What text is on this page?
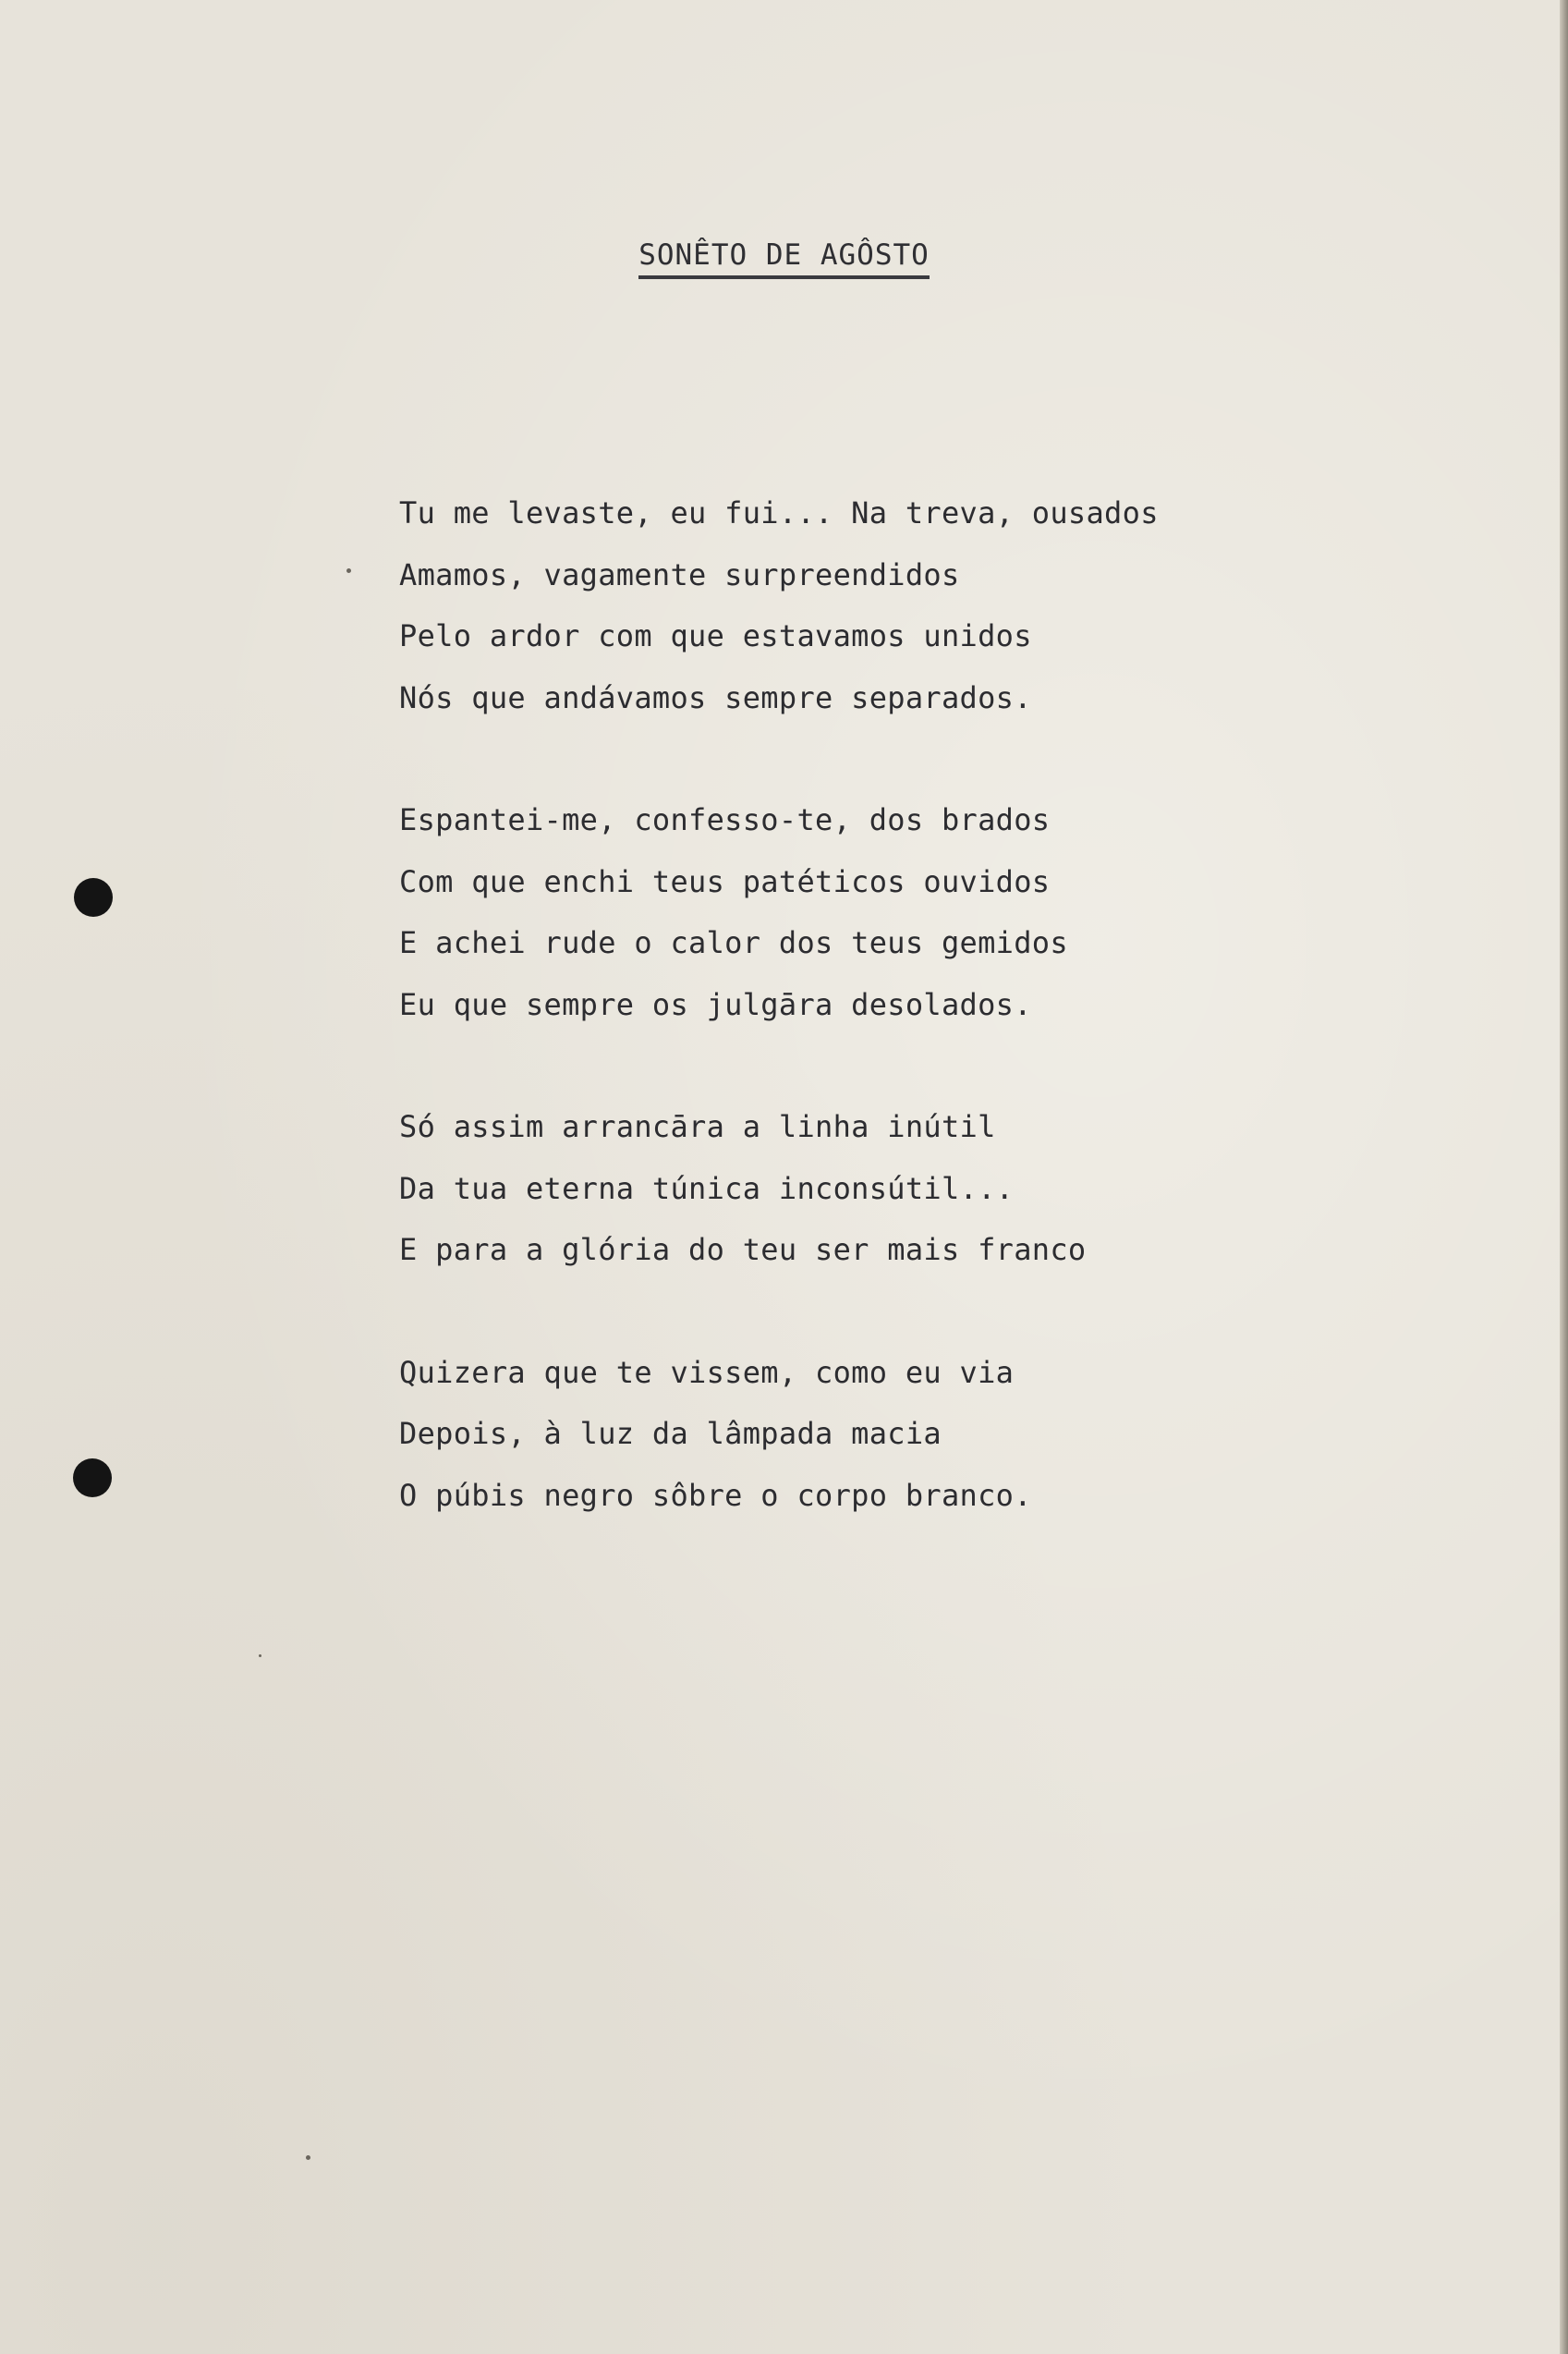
SONÊTO DE AGÔSTO
Tu me levaste, eu fui... Na treva, ousados
Amamos, vagamente surpreendidos
Pelo ardor com que estavamos unidos
Nós que andávamos sempre separados.
Espantei-me, confesso-te, dos brados
Com que enchi teus patéticos ouvidos
E achei rude o calor dos teus gemidos
Eu que sempre os julgāra desolados.
Só assim arrancāra a linha inútil
Da tua eterna túnica inconsútil...
E para a glória do teu ser mais franco
Quizera que te vissem, como eu via
Depois, à luz da lâmpada macia
O púbis negro sôbre o corpo branco.
